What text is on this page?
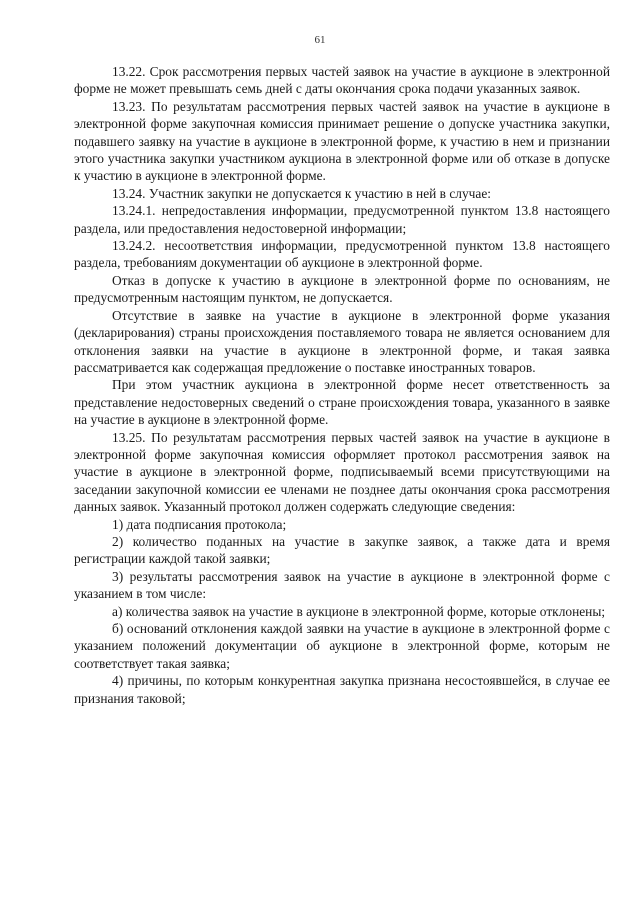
61

13.22. Срок рассмотрения первых частей заявок на участие в аукционе в электронной форме не может превышать семь дней с даты окончания срока подачи указанных заявок.

13.23. По результатам рассмотрения первых частей заявок на участие в аукционе в электронной форме закупочная комиссия принимает решение о допуске участника закупки, подавшего заявку на участие в аукционе в электронной форме, к участию в нем и признании этого участника закупки участником аукциона в электронной форме или об отказе в допуске к участию в аукционе в электронной форме.

13.24. Участник закупки не допускается к участию в ней в случае:

13.24.1. непредоставления информации, предусмотренной пунктом 13.8 настоящего раздела, или предоставления недостоверной информации;

13.24.2. несоответствия информации, предусмотренной пунктом 13.8 настоящего раздела, требованиям документации об аукционе в электронной форме.

Отказ в допуске к участию в аукционе в электронной форме по основаниям, не предусмотренным настоящим пунктом, не допускается.

Отсутствие в заявке на участие в аукционе в электронной форме указания (декларирования) страны происхождения поставляемого товара не является основанием для отклонения заявки на участие в аукционе в электронной форме, и такая заявка рассматривается как содержащая предложение о поставке иностранных товаров.

При этом участник аукциона в электронной форме несет ответственность за представление недостоверных сведений о стране происхождения товара, указанного в заявке на участие в аукционе в электронной форме.

13.25. По результатам рассмотрения первых частей заявок на участие в аукционе в электронной форме закупочная комиссия оформляет протокол рассмотрения заявок на участие в аукционе в электронной форме, подписываемый всеми присутствующими на заседании закупочной комиссии ее членами не позднее даты окончания срока рассмотрения данных заявок. Указанный протокол должен содержать следующие сведения:

1) дата подписания протокола;

2) количество поданных на участие в закупке заявок, а также дата и время регистрации каждой такой заявки;

3) результаты рассмотрения заявок на участие в аукционе в электронной форме с указанием в том числе:

а) количества заявок на участие в аукционе в электронной форме, которые отклонены;

б) оснований отклонения каждой заявки на участие в аукционе в электронной форме с указанием положений документации об аукционе в электронной форме, которым не соответствует такая заявка;

4) причины, по которым конкурентная закупка признана несостоявшейся, в случае ее признания таковой;
